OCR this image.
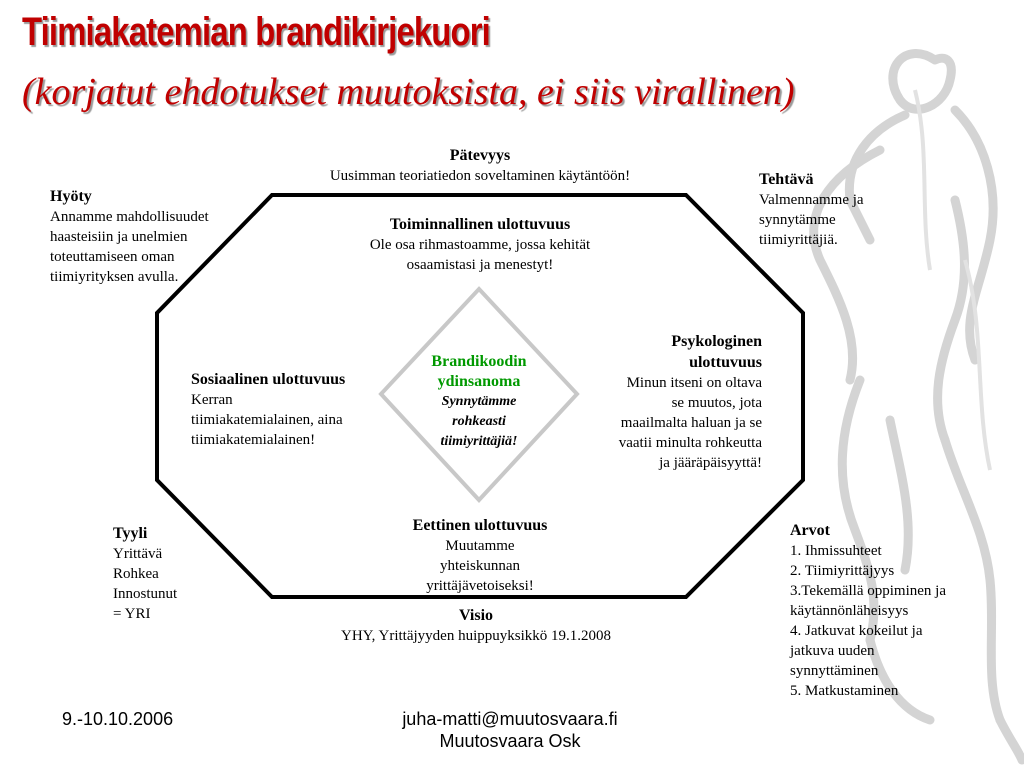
Tiimiakatemian brandikirjekuori
(korjatut ehdotukset muutoksista, ei siis virallinen)
Pätevyys
Uusimman teoriatiedon soveltaminen käytäntöön!
Hyöty
Annamme mahdollisuudet
haasteisiin ja unelmien
toteuttamiseen oman
tiimiyrityksen avulla.
Tehtävä
Valmennamme ja
synnytämme
tiimiyrittäjiä.
Toiminnallinen ulottuvuus
Ole osa rihmastoamme, jossa kehität
osaamistasi ja menestyt!
Sosiaalinen ulottuvuus
Kerran
tiimiakatemialainen, aina
tiimiakatemialainen!
Psykologinen
ulottuvuus
Minun itseni on oltava
se muutos, jota
maailmalta haluan ja se
vaatii minulta rohkeutta
ja jääräpäisyyttä!
Brandikoodin
ydinsanoma
Synnytämme
rohkeasti
tiimiyrittäjiä!
Eettinen ulottuvuus
Muutamme
yhteiskunnan
yrittäjävetoiseksi!
Visio
YHY, Yrittäjyyden huippuyksikkö 19.1.2008
Tyyli
Yrittävä
Rohkea
Innostunut
= YRI
Arvot
1. Ihmissuhteet
2. Tiimiyrittäjyys
3.Tekemällä oppiminen ja
käytännönläheisyys
4. Jatkuvat kokeilut ja
jatkuva uuden
synnyttäminen
5. Matkustaminen
9.-10.10.2006	juha-matti@muutosvaara.fi
Muutosvaara Osk
